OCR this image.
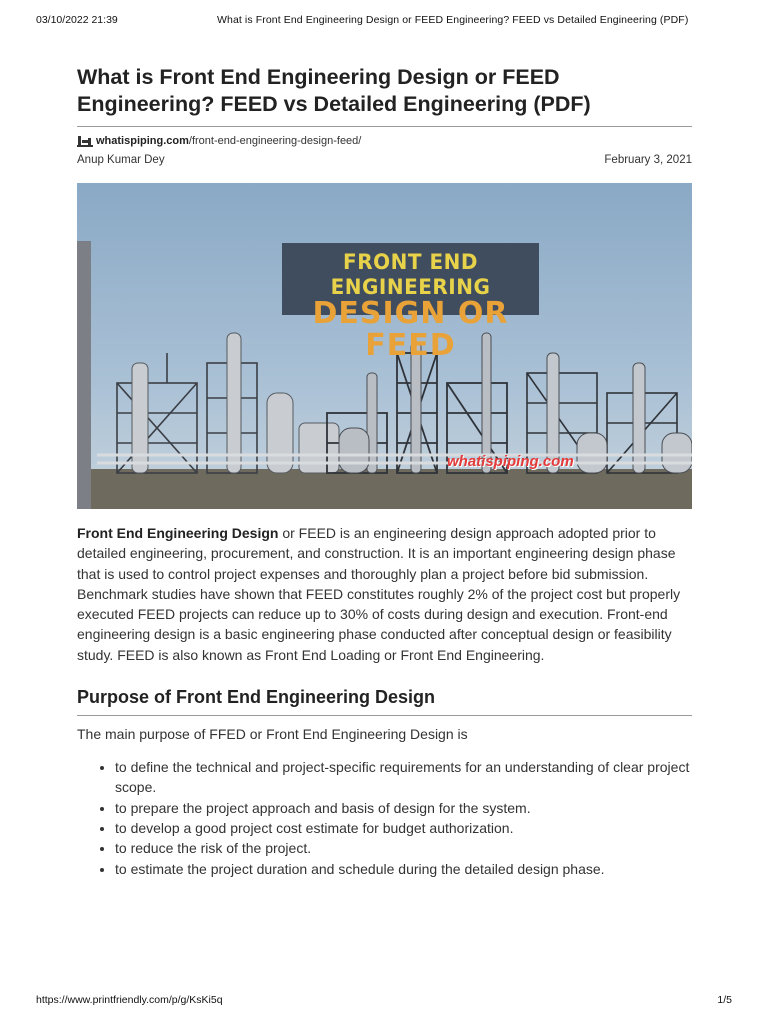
03/10/2022 21:39	What is Front End Engineering Design or FEED Engineering? FEED vs Detailed Engineering (PDF)
What is Front End Engineering Design or FEED Engineering? FEED vs Detailed Engineering (PDF)
whatispiping.com /front-end-engineering-design-feed/
Anup Kumar Dey	February 3, 2021
FRONT END ENGINEERING
DESIGN OR FEED
whatispiping.com

Front End Engineering Design or FEED is an engineering design approach adopted prior to detailed engineering, procurement, and construction. It is an important engineering design phase that is used to control project expenses and thoroughly plan a project before bid submission. Benchmark studies have shown that FEED constitutes roughly 2% of the project cost but properly executed FEED projects can reduce up to 30% of costs during design and execution. Front-end engineering design is a basic engineering phase conducted after conceptual design or feasibility study. FEED is also known as Front End Loading or Front End Engineering.

Purpose of Front End Engineering Design

The main purpose of FFED or Front End Engineering Design is

• to define the technical and project-specific requirements for an understanding of clear project scope.
• to prepare the project approach and basis of design for the system.
• to develop a good project cost estimate for budget authorization.
• to reduce the risk of the project.
• to estimate the project duration and schedule during the detailed design phase.
https://www.printfriendly.com/p/g/KsKi5q	1/5
